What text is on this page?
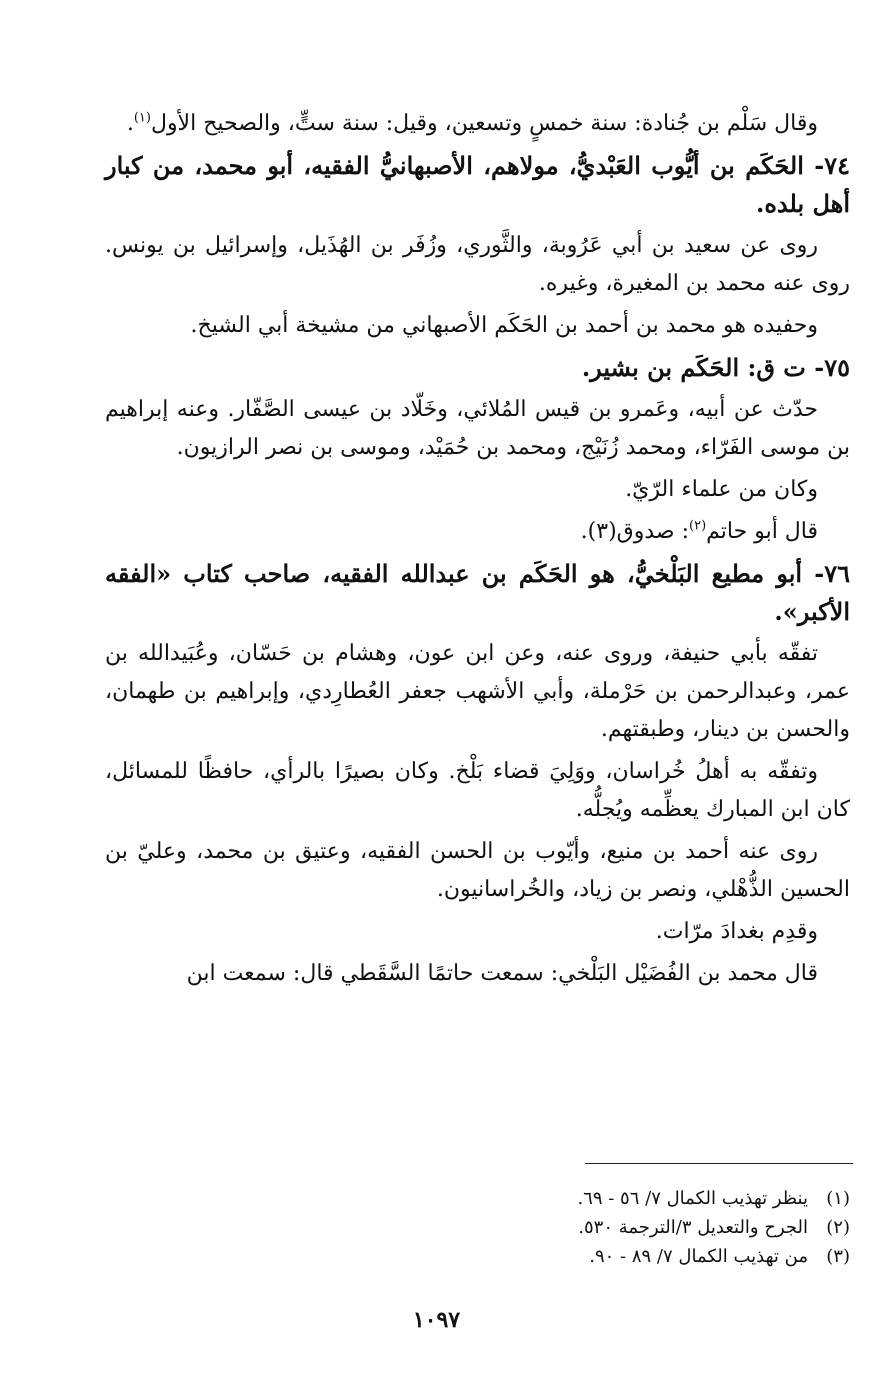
وقال سَلْم بن جُنادة: سنة خمسٍ وتسعين، وقيل: سنة ستٍّ، والصحيح الأول$^{(١)}$.

٧٤- الحَكَم بن أيُّوب العَبْديُّ، مولاهم، الأصبهانيُّ الفقيه، أبو محمد، من كبار أهل بلده.

روى عن سعيد بن أبي عَرُوبة، والثَّوري، وزُفَر بن الهُذَيل، وإسرائيل بن يونس. روى عنه محمد بن المغيرة، وغيره.

وحفيده هو محمد بن أحمد بن الحَكَم الأصبهاني من مشيخة أبي الشيخ.

٧٥- ت ق: الحَكَم بن بشير.

حدّث عن أبيه، وعَمرو بن قيس المُلائي، وخَلّاد بن عيسى الصَّفّار. وعنه إبراهيم بن موسى الفَرّاء، ومحمد زُنَيْج، ومحمد بن حُمَيْد، وموسى بن نصر الرازيون.

وكان من علماء الرّيّ.

قال أبو حاتم$^{(٢)}$: صدوق(٣).

٧٦- أبو مطيع البَلْخيُّ، هو الحَكَم بن عبدالله الفقيه، صاحب كتاب «الفقه الأكبر».

تفقّه بأبي حنيفة، وروى عنه، وعن ابن عون، وهشام بن حَسّان، وعُبَيدالله بن عمر، وعبدالرحمن بن حَرْملة، وأبي الأشهب جعفر العُطارِدي، وإبراهيم بن طهمان، والحسن بن دينار، وطبقتهم.

وتفقّه به أهلُ خُراسان، ووَلِيَ قضاء بَلْخ. وكان بصيرًا بالرأي، حافظًا للمسائل، كان ابن المبارك يعظِّمه ويُجلُّه.

روى عنه أحمد بن منيع، وأيّوب بن الحسن الفقيه، وعتيق بن محمد، وعليّ بن الحسين الذُّهْلي، ونصر بن زياد، والخُراسانيون.

وقدِم بغدادَ مرّات.

قال محمد بن الفُضَيْل البَلْخي: سمعت حاتمًا السَّقَطي قال: سمعت ابن

(١)ينظر تهذيب الكمال ٧/ ٥٦ - ٦٩.
(٢)الجرح والتعديل ٣/الترجمة ٥٣٠.
(٣)من تهذيب الكمال ٧/ ٨٩ - ٩٠.
١٠٩٧
